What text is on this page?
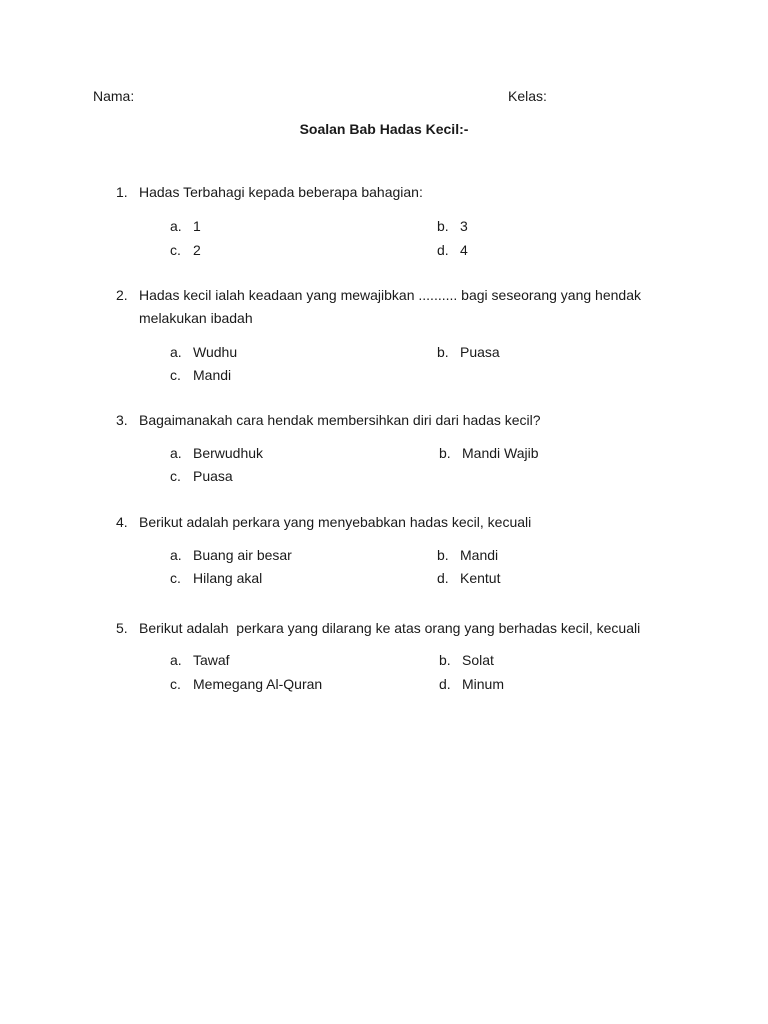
Nama:	Kelas:
Soalan Bab Hadas Kecil:-
1. Hadas Terbahagi kepada beberapa bahagian:
a. 1	b. 3
c. 2	d. 4
2. Hadas kecil ialah keadaan yang mewajibkan .......... bagi seseorang yang hendak
melakukan ibadah
a. Wudhu	b. Puasa
c. Mandi
3. Bagaimanakah cara hendak membersihkan diri dari hadas kecil?
a. Berwudhuk	b. Mandi Wajib
c. Puasa
4. Berikut adalah perkara yang menyebabkan hadas kecil, kecuali
a. Buang air besar	b. Mandi
c. Hilang akal	d. Kentut
5. Berikut adalah  perkara yang dilarang ke atas orang yang berhadas kecil, kecuali
a. Tawaf	b. Solat
c. Memegang Al-Quran	d. Minum
